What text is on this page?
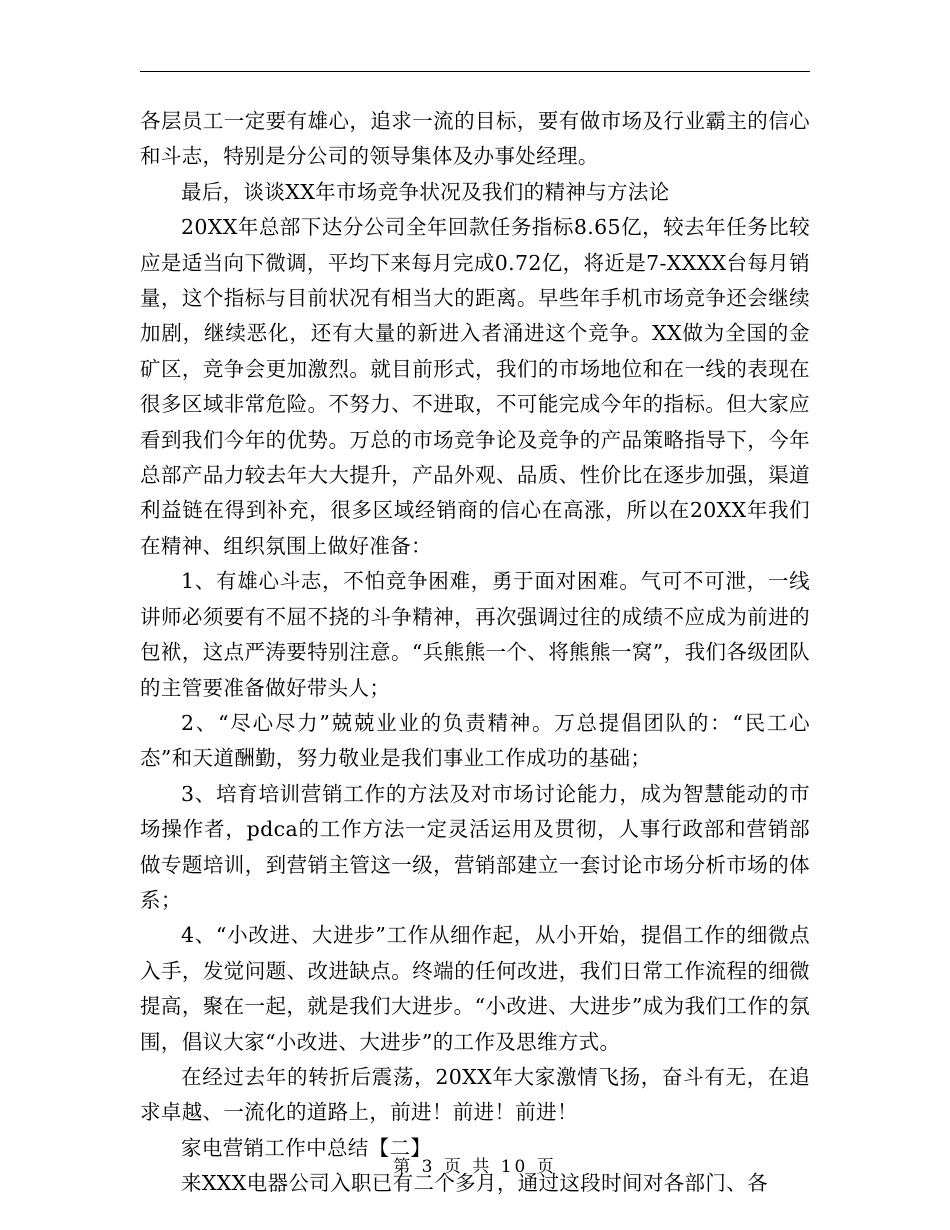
各层员工一定要有雄心，追求一流的目标，要有做市场及行业霸主的信心和斗志，特别是分公司的领导集体及办事处经理。

最后，谈谈XX年市场竞争状况及我们的精神与方法论

20XX年总部下达分公司全年回款任务指标8.65亿，较去年任务比较应是适当向下微调，平均下来每月完成0.72亿，将近是7-XXXX台每月销量，这个指标与目前状况有相当大的距离。早些年手机市场竞争还会继续加剧，继续恶化，还有大量的新进入者涌进这个竞争。XX做为全国的金矿区，竞争会更加激烈。就目前形式，我们的市场地位和在一线的表现在很多区域非常危险。不努力、不进取，不可能完成今年的指标。但大家应看到我们今年的优势。万总的市场竞争论及竞争的产品策略指导下，今年总部产品力较去年大大提升，产品外观、品质、性价比在逐步加强，渠道利益链在得到补充，很多区域经销商的信心在高涨，所以在20XX年我们在精神、组织氛围上做好准备：

1、有雄心斗志，不怕竞争困难，勇于面对困难。气可不可泄，一线讲师必须要有不屈不挠的斗争精神，再次强调过往的成绩不应成为前进的包袱，这点严涛要特别注意。“兵熊熊一个、将熊熊一窝”，我们各级团队的主管要准备做好带头人；

2、“尽心尽力”兢兢业业的负责精神。万总提倡团队的：“民工心态”和天道酬勤，努力敬业是我们事业工作成功的基础；

3、培育培训营销工作的方法及对市场讨论能力，成为智慧能动的市场操作者，pdca的工作方法一定灵活运用及贯彻，人事行政部和营销部做专题培训，到营销主管这一级，营销部建立一套讨论市场分析市场的体系；

4、“小改进、大进步”工作从细作起，从小开始，提倡工作的细微点入手，发觉问题、改进缺点。终端的任何改进，我们日常工作流程的细微提高，聚在一起，就是我们大进步。“小改进、大进步”成为我们工作的氛围，倡议大家“小改进、大进步”的工作及思维方式。

在经过去年的转折后震荡，20XX年大家激情飞扬，奋斗有无，在追求卓越、一流化的道路上，前进！前进！前进！

家电营销工作中总结【二】

来XXX电器公司入职已有二个多月，通过这段时间对各部门、各

第 3 页 共 10 页
